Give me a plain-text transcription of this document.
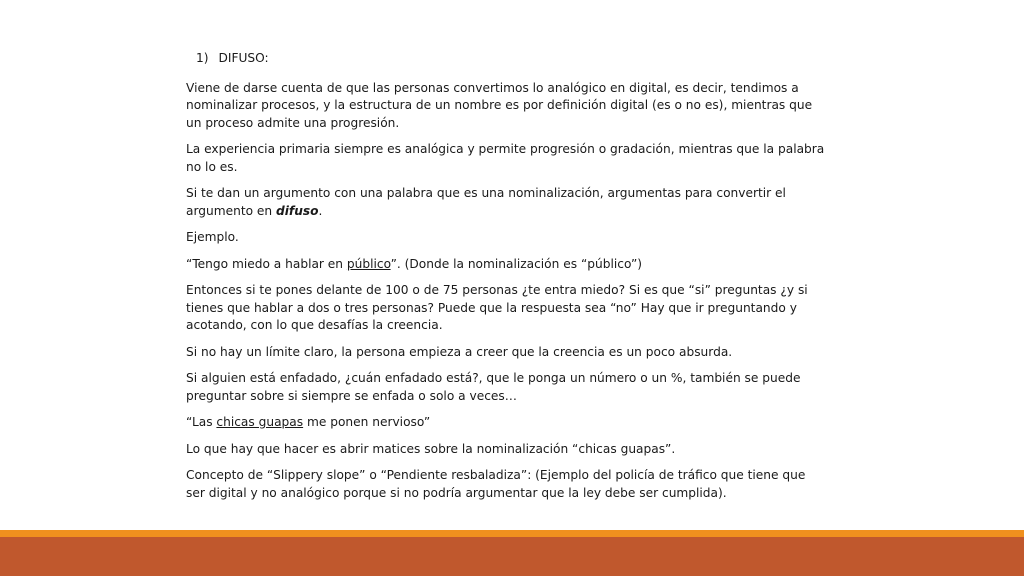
1) DIFUSO:

Viene de darse cuenta de que las personas convertimos lo analógico en digital, es decir, tendimos a nominalizar procesos, y la estructura de un nombre es por definición digital (es o no es), mientras que un proceso admite una progresión.

La experiencia primaria siempre es analógica y permite progresión o gradación, mientras que la palabra no lo es.

Si te dan un argumento con una palabra que es una nominalización, argumentas para convertir el argumento en difuso.

Ejemplo.

“Tengo miedo a hablar en público”. (Donde la nominalización es “público”)

Entonces si te pones delante de 100 o de 75 personas ¿te entra miedo? Si es que “si” preguntas ¿y si tienes que hablar a dos o tres personas? Puede que la respuesta sea “no” Hay que ir preguntando y acotando, con lo que desafías la creencia.

Si no hay un límite claro, la persona empieza a creer que la creencia es un poco absurda.

Si alguien está enfadado, ¿cuán enfadado está?, que le ponga un número o un %, también se puede preguntar sobre si siempre se enfada o solo a veces…

“Las chicas guapas me ponen nervioso”

Lo que hay que hacer es abrir matices sobre la nominalización “chicas guapas”.

Concepto de “Slippery slope” o “Pendiente resbaladiza”: (Ejemplo del policía de tráfico que tiene que ser digital y no analógico porque si no podría argumentar que la ley debe ser cumplida).
